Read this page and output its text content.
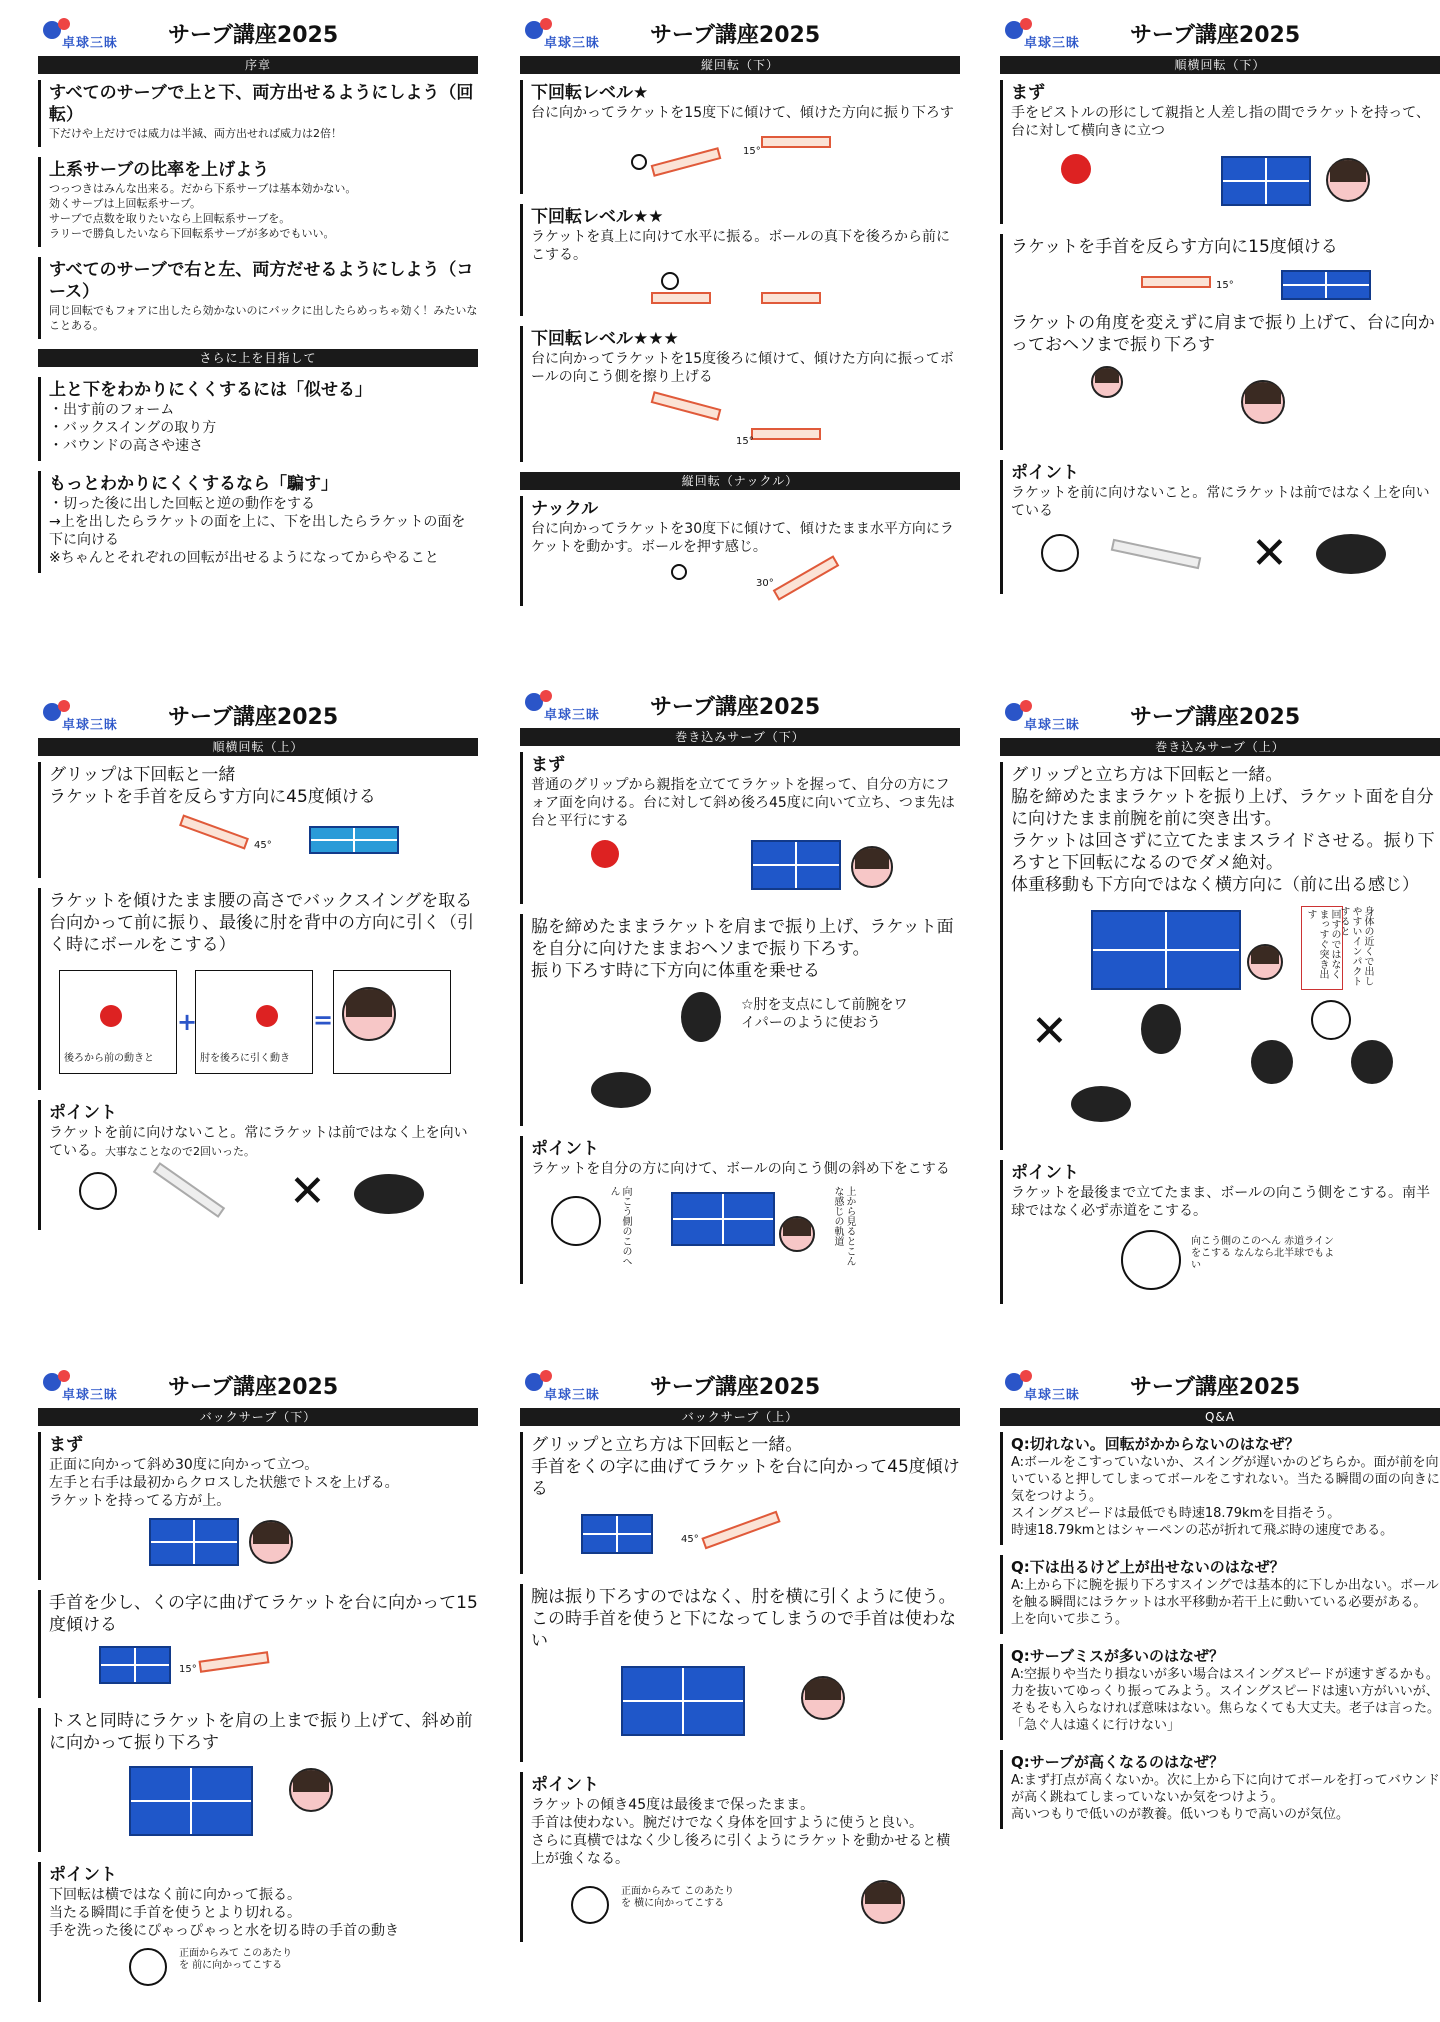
卓球三昧 サーブ講座2025
序章
すべてのサーブで上と下、両方出せるようにしよう（回転）
下だけや上だけでは威力は半減、両方出せれば威力は2倍！
上系サーブの比率を上げよう
つっつきはみんな出来る。だから下系サーブは基本効かない。
効くサーブは上回転系サーブ。
サーブで点数を取りたいなら上回転系サーブを。
ラリーで勝負したいなら下回転系サーブが多めでもいい。
すべてのサーブで右と左、両方だせるようにしよう（コース）
同じ回転でもフォアに出したら効かないのにバックに出したらめっちゃ効く！みたいなことある。
さらに上を目指して
上と下をわかりにくくするには「似せる」
・出す前のフォーム
・バックスイングの取り方
・バウンドの高さや速さ
もっとわかりにくくするなら「騙す」
・切った後に出した回転と逆の動作をする
→上を出したらラケットの面を上に、下を出したらラケットの面を下に向ける
※ちゃんとそれぞれの回転が出せるようになってからやること
卓球三昧 サーブ講座2025
縦回転（下）
下回転レベル★
台に向かってラケットを15度下に傾けて、傾けた方向に振り下ろす
15°
下回転レベル★★
ラケットを真上に向けて水平に振る。ボールの真下を後ろから前にこする。
下回転レベル★★★
台に向かってラケットを15度後ろに傾けて、傾けた方向に振ってボールの向こう側を擦り上げる
15°
縦回転（ナックル）
ナックル
台に向かってラケットを30度下に傾けて、傾けたまま水平方向にラケットを動かす。ボールを押す感じ。
30°
卓球三昧 サーブ講座2025
順横回転（下）
まず
手をピストルの形にして親指と人差し指の間でラケットを持って、台に対して横向きに立つ
ラケットを手首を反らす方向に15度傾ける
15°
ラケットの角度を変えずに肩まで振り上げて、台に向かっておヘソまで振り下ろす
ポイント
ラケットを前に向けないこと。常にラケットは前ではなく上を向いている
✕
卓球三昧 サーブ講座2025
順横回転（上）
グリップは下回転と一緒
ラケットを手首を反らす方向に45度傾ける
45°
ラケットを傾けたまま腰の高さでバックスイングを取る
台向かって前に振り、最後に肘を背中の方向に引く（引く時にボールをこする）
後ろから前の動きと
+
肘を後ろに引く動き
=
ポイント
ラケットを前に向けないこと。常にラケットは前ではなく上を向いている。大事なことなので2回いった。
✕
卓球三昧 サーブ講座2025
巻き込みサーブ（下）
まず
普通のグリップから親指を立ててラケットを握って、自分の方にフォア面を向ける。台に対して斜め後ろ45度に向いて立ち、つま先は台と平行にする
脇を締めたままラケットを肩まで振り上げ、ラケット面を自分に向けたままおヘソまで振り下ろす。
振り下ろす時に下方向に体重を乗せる
☆肘を支点にして前腕をワイパーのように使おう
ポイント
ラケットを自分の方に向けて、ボールの向こう側の斜め下をこする
向こう側のこのへん	上から見るとこんな感じの軌道
卓球三昧 サーブ講座2025
巻き込みサーブ（上）
グリップと立ち方は下回転と一緒。
脇を締めたままラケットを振り上げ、ラケット面を自分に向けたまま前腕を前に突き出す。
ラケットは回さずに立てたままスライドさせる。振り下ろすと下回転になるのでダメ絶対。
体重移動も下方向ではなく横方向に（前に出る感じ）
回すのではなくまっすぐ突き出す	身体の近くで出しやすいインパクトすると
✕
ポイント
ラケットを最後まで立てたまま、ボールの向こう側をこする。南半球ではなく必ず赤道をこする。
向こう側のこのへん 赤道ラインをこする なんなら北半球でもよい
卓球三昧 サーブ講座2025
バックサーブ（下）
まず
正面に向かって斜め30度に向かって立つ。
左手と右手は最初からクロスした状態でトスを上げる。
ラケットを持ってる方が上。
手首を少し、くの字に曲げてラケットを台に向かって15度傾ける
15°
トスと同時にラケットを肩の上まで振り上げて、斜め前に向かって振り下ろす
ポイント
下回転は横ではなく前に向かって振る。
当たる瞬間に手首を使うとより切れる。
手を洗った後にぴゃっぴゃっと水を切る時の手首の動き
正面からみて このあたりを 前に向かってこする
卓球三昧 サーブ講座2025
バックサーブ（上）
グリップと立ち方は下回転と一緒。
手首をくの字に曲げてラケットを台に向かって45度傾ける
45°
腕は振り下ろすのではなく、肘を横に引くように使う。この時手首を使うと下になってしまうので手首は使わない
ポイント
ラケットの傾き45度は最後まで保ったまま。
手首は使わない。腕だけでなく身体を回すように使うと良い。
さらに真横ではなく少し後ろに引くようにラケットを動かせると横上が強くなる。
正面からみて このあたりを 横に向かってこする
卓球三昧 サーブ講座2025
Q&A
Q:切れない。回転がかからないのはなぜ？
A:ボールをこすっていないか、スイングが遅いかのどちらか。面が前を向いていると押してしまってボールをこすれない。当たる瞬間の面の向きに気をつけよう。
スイングスピードは最低でも時速18.79kmを目指そう。
時速18.79kmとはシャーペンの芯が折れて飛ぶ時の速度である。
Q:下は出るけど上が出せないのはなぜ？
A:上から下に腕を振り下ろすスイングでは基本的に下しか出ない。ボールを触る瞬間にはラケットは水平移動か若干上に動いている必要がある。
上を向いて歩こう。
Q:サーブミスが多いのはなぜ？
A:空振りや当たり損ないが多い場合はスイングスピードが速すぎるかも。力を抜いてゆっくり振ってみよう。スイングスピードは速い方がいいが、そもそも入らなければ意味はない。焦らなくても大丈夫。老子は言った。
「急ぐ人は遠くに行けない」
Q:サーブが高くなるのはなぜ？
A:まず打点が高くないか。次に上から下に向けてボールを打ってバウンドが高く跳ねてしまっていないか気をつけよう。
高いつもりで低いのが教養。低いつもりで高いのが気位。
